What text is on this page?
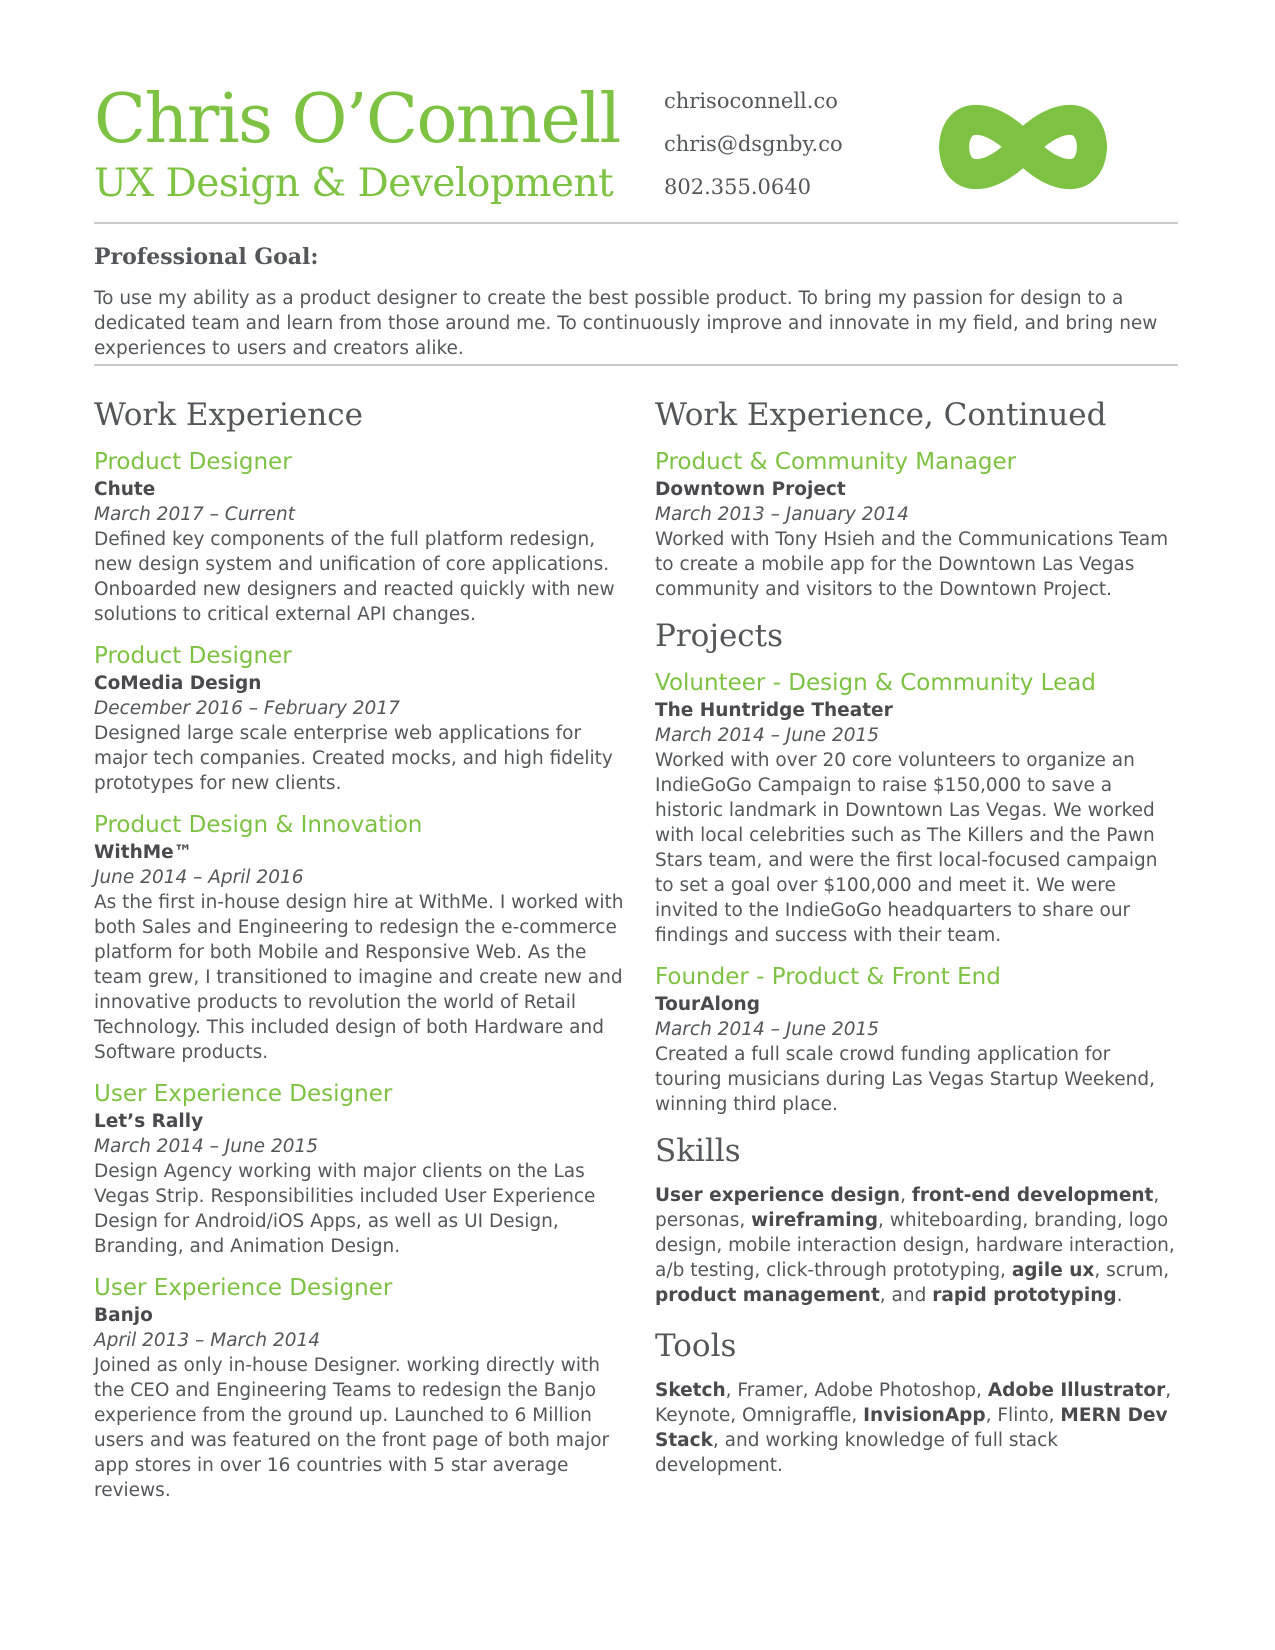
Chris O’Connell
UX Design & Development
chrisoconnell.co
chris@dsgnby.co
802.355.0640
Professional Goal:
To use my ability as a product designer to create the best possible product. To bring my passion for design to a dedicated team and learn from those around me. To continuously improve and innovate in my field, and bring new experiences to users and creators alike.
Work Experience
Product Designer
Chute
March 2017 – Current
Defined key components of the full platform redesign, new design system and unification of core applications. Onboarded new designers and reacted quickly with new solutions to critical external API changes.
Product Designer
CoMedia Design
December 2016 – February 2017
Designed large scale enterprise web applications for major tech companies. Created mocks, and high fidelity prototypes for new clients.
Product Design & Innovation
WithMe™
June 2014 – April 2016
As the first in-house design hire at WithMe. I worked with both Sales and Engineering to redesign the e-commerce platform for both Mobile and Responsive Web. As the team grew, I transitioned to imagine and create new and innovative products to revolution the world of Retail Technology. This included design of both Hardware and Software products.
User Experience Designer
Let’s Rally
March 2014 – June 2015
Design Agency working with major clients on the Las Vegas Strip. Responsibilities included User Experience Design for Android/iOS Apps, as well as UI Design, Branding, and Animation Design.
User Experience Designer
Banjo
April 2013 – March 2014
Joined as only in-house Designer. working directly with the CEO and Engineering Teams to redesign the Banjo experience from the ground up. Launched to 6 Million users and was featured on the front page of both major app stores in over 16 countries with 5 star average reviews.
Work Experience, Continued
Product & Community Manager
Downtown Project
March 2013 – January 2014
Worked with Tony Hsieh and the Communications Team to create a mobile app for the Downtown Las Vegas community and visitors to the Downtown Project.
Projects
Volunteer - Design & Community Lead
The Huntridge Theater
March 2014 – June 2015
Worked with over 20 core volunteers to organize an IndieGoGo Campaign to raise $150,000 to save a historic landmark in Downtown Las Vegas. We worked with local celebrities such as The Killers and the Pawn Stars team, and were the first local-focused campaign to set a goal over $100,000 and meet it. We were invited to the IndieGoGo headquarters to share our findings and success with their team.
Founder - Product & Front End
TourAlong
March 2014 – June 2015
Created a full scale crowd funding application for touring musicians during Las Vegas Startup Weekend, winning third place.
Skills
User experience design, front-end development, personas, wireframing, whiteboarding, branding, logo design, mobile interaction design, hardware interaction, a/b testing, click-through prototyping, agile ux, scrum, product management, and rapid prototyping.
Tools
Sketch, Framer, Adobe Photoshop, Adobe Illustrator, Keynote, Omnigraffle, InvisionApp, Flinto, MERN Dev Stack, and working knowledge of full stack development.
